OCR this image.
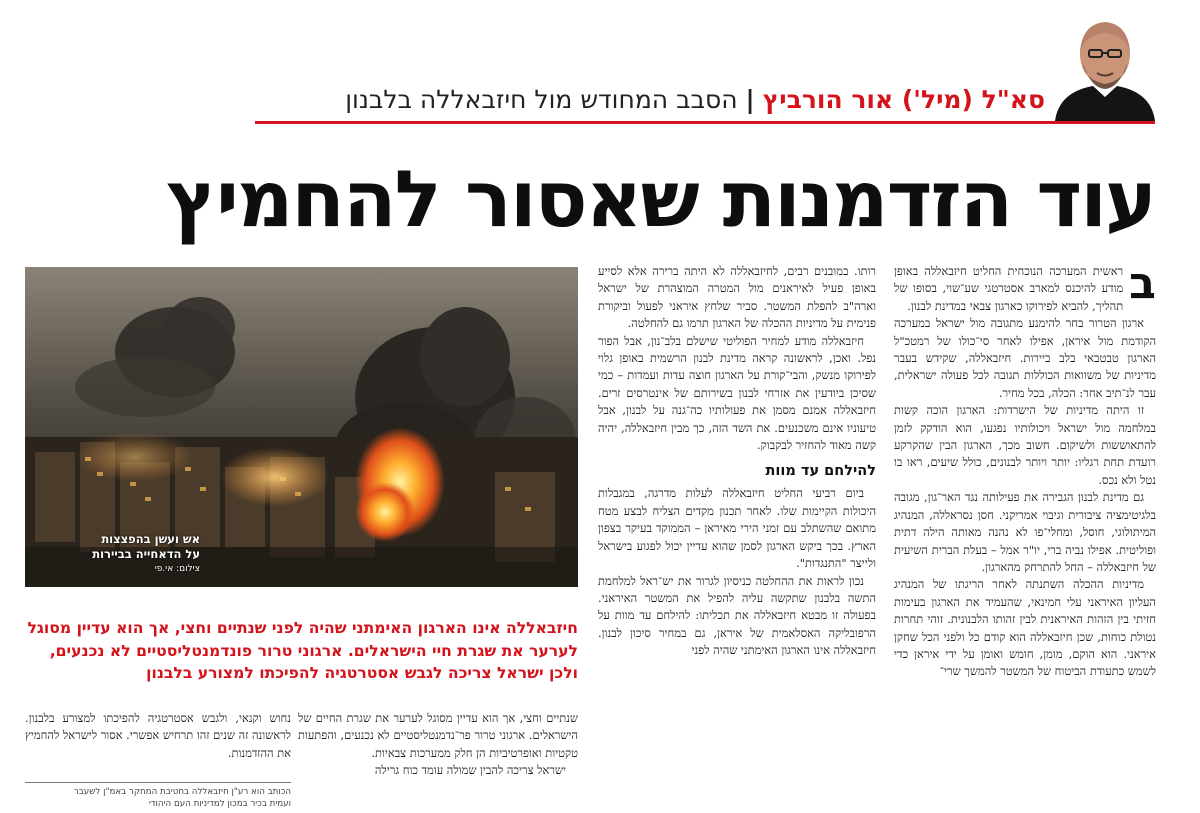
סא"ל (מיל') אור הורביץ|הסבב המחודש מול חיזבאללה בלבנון
עוד הזדמנות שאסור להחמיץ
ב

ראשית המערכה הנוכחית החליט חיזבאללה באופן מודע להיכנס למארב אסטרטגי שע־שוי, בסופו של תהליך, להביא לפירוקו כארגון צבאי במדינת לבנון.

ארגון הטרור בחר להימנע מתגובה מול ישראל במערכה הקודמת מול איראן, אפילו לאחר סי־כולו של רמטכ"ל הארגון טבטבאי בלב ביירות. חיזבאללה, שקידש בעבר מדיניות של משוואות הכוללות תגובה לכל פעולה ישראלית, עבר לנ־תיב אחר: הכלה, בכל מחיר.

זו היתה מדיניות של הישרדות: הארגון הוכה קשות במלחמה מול ישראל ויכולותיו נפגעו, הוא הודקק לזמן להתאוששות ולשיקום. חשוב מכך, הארגון הבין שהקרקע רועדת תחת רגליו: יותר ויותר לבנונים, כולל שיעים, ראו בו נטל ולא נכס.

גם מדינת לבנון הגבירה את פעילותה נגד האר־גון, מגובה בלגיטימציה ציבורית וגיבוי אמריקני. חסן נסראללה, המנהיג המיתולוגי, חוסל, ומחלי־פו לא נהנה מאותה הילה דתית ופוליטית. אפילו נביה ברי, יו"ר אמל – בעלת הברית השיעית של חיזבאללה – החל להתרחק מהארגון.

מדיניות ההכלה השתנתה לאחר הריגתו של המנהיג העליון האיראני עלי חמינאי, שהעמיד את הארגון בעימות חזיתי בין הזהות האיראנית לבין זהותו הלבנונית. זוהי תחרות נטולת כוחות, שכן חיזבאללה הוא קודם כל ולפני הכל שחקן איראני. הוא הוקם, מומן, חומש ואומן על ידי איראן כדי לשמש כתעודת הביטוח של המשטר להמשך שרי־

רותו. במובנים רבים, לחיזבאללה לא היתה ברירה אלא לסייע באופן פעיל לאיראנים מול המטרה המוצהרת של ישראל וארה"ב להפלת המשטר. סביר שלחץ איראני לפעול וביקורת פנימית על מדיניות ההכלה של הארגון תרמו גם להחלטה.

חיזבאללה מודע למחיר הפוליטי שישלם בלב־נון, אבל הפור נפל. ואכן, לראשונה קראה מדינת לבנון הרשמית באופן גלוי לפירוקו מנשק, והבי־קורת על הארגון חוצה עדות ועמדות – כמי שסיכן ביודעין את אזרחי לבנון בשירותם של אינטרסים זרים. חיזבאללה אמנם מסמן את פעולותיו כה־גנה על לבנון, אבל טיעוניו אינם משכנעים. את השד הזה, כך מבין חיזבאללה, יהיה קשה מאוד להחזיר לבקבוק.

להילחם עד מוות

ביום רביעי החליט חיזבאללה לעלות מדרגה, במגבלות היכולות הקיימות שלו. לאחר תכנון מקדים הצליח לבצע מטח מתואם שהשתלב עם זמני הירי מאיראן – הממוקד בעיקר בצפון הארץ. בכך ביקש הארגון לסמן שהוא עדיין יכול לפגוע בישראל ולייצר "התנגדות".

נכון לראות את ההחלטה כניסיון לגרור את יש־ראל למלחמת התשה בלבנון שתקשה עליה להפיל את המשטר האיראני. בפעולה זו מבטא חיזבאללה את תכליתו: להילחם עד מוות על הרפובליקה האסלאמית של איראן, גם במחיר סיכון לבנון. חיזבאללה אינו הארגון האימתני שהיה לפני

אש ועשן בהפצצות
על הדאחייה בביירות
צילום: אי.פי
חיזבאללה אינו הארגון האימתני שהיה לפני שנתיים וחצי, אך הוא עדיין מסוגל לערער את שגרת חיי הישראלים. ארגוני טרור פונדמנטליסטיים לא נכנעים, ולכן ישראל צריכה לגבש אסטרטגיה להפיכתו למצורע בלבנון

שנתיים וחצי, אך הוא עדיין מסוגל לערער את שגרת החיים של הישראלים. ארגוני טרור פר־נדמנטליסטיים לא נכנעים, והפתעות טקטיות ואופרטיביות הן חלק ממערכות צבאיות.

ישראל צריכה להבין שמולה עומד כוח גרילה

נחוש וקנאי, ולגבש אסטרטגיה להפיכתו למצורע בלבנון. לראשונה זה שנים זהו תרחיש אפשרי. אסור לישראל להחמיץ את ההזדמנות.

הכותב הוא רע"ן חיזבאללה בחטיבת המחקר באמ"ן לשעבר
ועמית בכיר במכון למדיניות העם היהודי
